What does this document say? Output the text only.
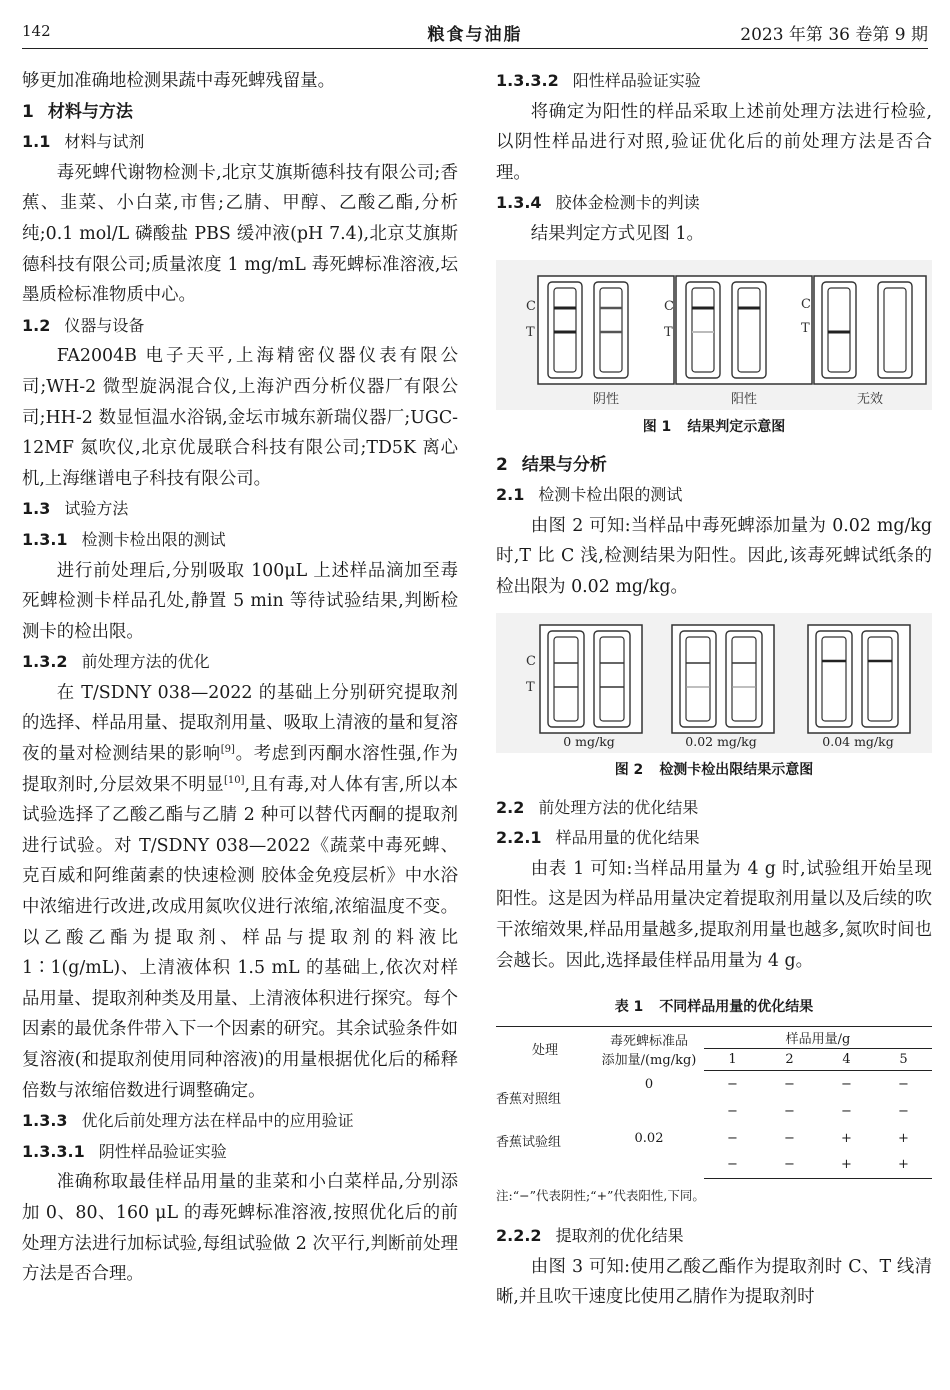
142	粮食与油脂	2023 年第 36 卷第 9 期

够更加准确地检测果蔬中毒死蜱残留量。

1 材料与方法
1.1 材料与试剂

毒死蜱代谢物检测卡,北京艾旗斯德科技有限公司;香蕉、韭菜、小白菜,市售;乙腈、甲醇、乙酸乙酯,分析纯;0.1 mol/L 磷酸盐 PBS 缓冲液(pH 7.4),北京艾旗斯德科技有限公司;质量浓度 1 mg/mL 毒死蜱标准溶液,坛墨质检标准物质中心。

1.2 仪器与设备

FA2004B 电子天平,上海精密仪器仪表有限公司;WH-2 微型旋涡混合仪,上海沪西分析仪器厂有限公司;HH-2 数显恒温水浴锅,金坛市城东新瑞仪器厂;UGC-12MF 氮吹仪,北京优晟联合科技有限公司;TD5K 离心机,上海继谱电子科技有限公司。

1.3 试验方法
1.3.1 检测卡检出限的测试

进行前处理后,分别吸取 100μL 上述样品滴加至毒死蜱检测卡样品孔处,静置 5 min 等待试验结果,判断检测卡的检出限。

1.3.2 前处理方法的优化

在 T/SDNY 038—2022 的基础上分别研究提取剂的选择、样品用量、提取剂用量、吸取上清液的量和复溶夜的量对检测结果的影响[9]。考虑到丙酮水溶性强,作为提取剂时,分层效果不明显[10],且有毒,对人体有害,所以本试验选择了乙酸乙酯与乙腈 2 种可以替代丙酮的提取剂进行试验。对 T/SDNY 038—2022《蔬菜中毒死蜱、克百威和阿维菌素的快速检测 胶体金免疫层析》中水浴中浓缩进行改进,改成用氮吹仪进行浓缩,浓缩温度不变。以乙酸乙酯为提取剂、样品与提取剂的料液比 1∶1(g/mL)、上清液体积 1.5 mL 的基础上,依次对样品用量、提取剂种类及用量、上清液体积进行探究。每个因素的最优条件带入下一个因素的研究。其余试验条件如复溶液(和提取剂使用同种溶液)的用量根据优化后的稀释倍数与浓缩倍数进行调整确定。

1.3.3 优化后前处理方法在样品中的应用验证
1.3.3.1 阴性样品验证实验

准确称取最佳样品用量的韭菜和小白菜样品,分别添加 0、80、160 μL 的毒死蜱标准溶液,按照优化后的前处理方法进行加标试验,每组试验做 2 次平行,判断前处理方法是否合理。

1.3.3.2 阳性样品验证实验

将确定为阳性的样品采取上述前处理方法进行检验,以阴性样品进行对照,验证优化后的前处理方法是否合理。

1.3.4 胶体金检测卡的判读

结果判定方式见图 1。

C
T
阴性
C
T
阳性
C
T
无效
图 1 结果判定示意图
2 结果与分析
2.1 检测卡检出限的测试

由图 2 可知:当样品中毒死蜱添加量为 0.02 mg/kg 时,T 比 C 浅,检测结果为阳性。因此,该毒死蜱试纸条的检出限为 0.02 mg/kg。

C
T
0 mg/kg	0.02 mg/kg	0.04 mg/kg
图 2 检测卡检出限结果示意图
2.2 前处理方法的优化结果
2.2.1 样品用量的优化结果

由表 1 可知:当样品用量为 4 g 时,试验组开始呈现阳性。这是因为样品用量决定着提取剂用量以及后续的吹干浓缩效果,样品用量越多,提取剂用量也越多,氮吹时间也会越长。因此,选择最佳样品用量为 4 g。

表 1 不同样品用量的优化结果
处理	毒死蜱标准品
添加量/(mg/kg)	样品用量/g			
		1	2	4	5
香蕉对照组	0	−	−	−	−
		−	−	−	−
香蕉试验组	0.02	−	−	+	+
		−	−	+	+
注:“−”代表阴性;“+”代表阳性,下同。
2.2.2 提取剂的优化结果

由图 3 可知:使用乙酸乙酯作为提取剂时 C、T 线清晰,并且吹干速度比使用乙腈作为提取剂时
